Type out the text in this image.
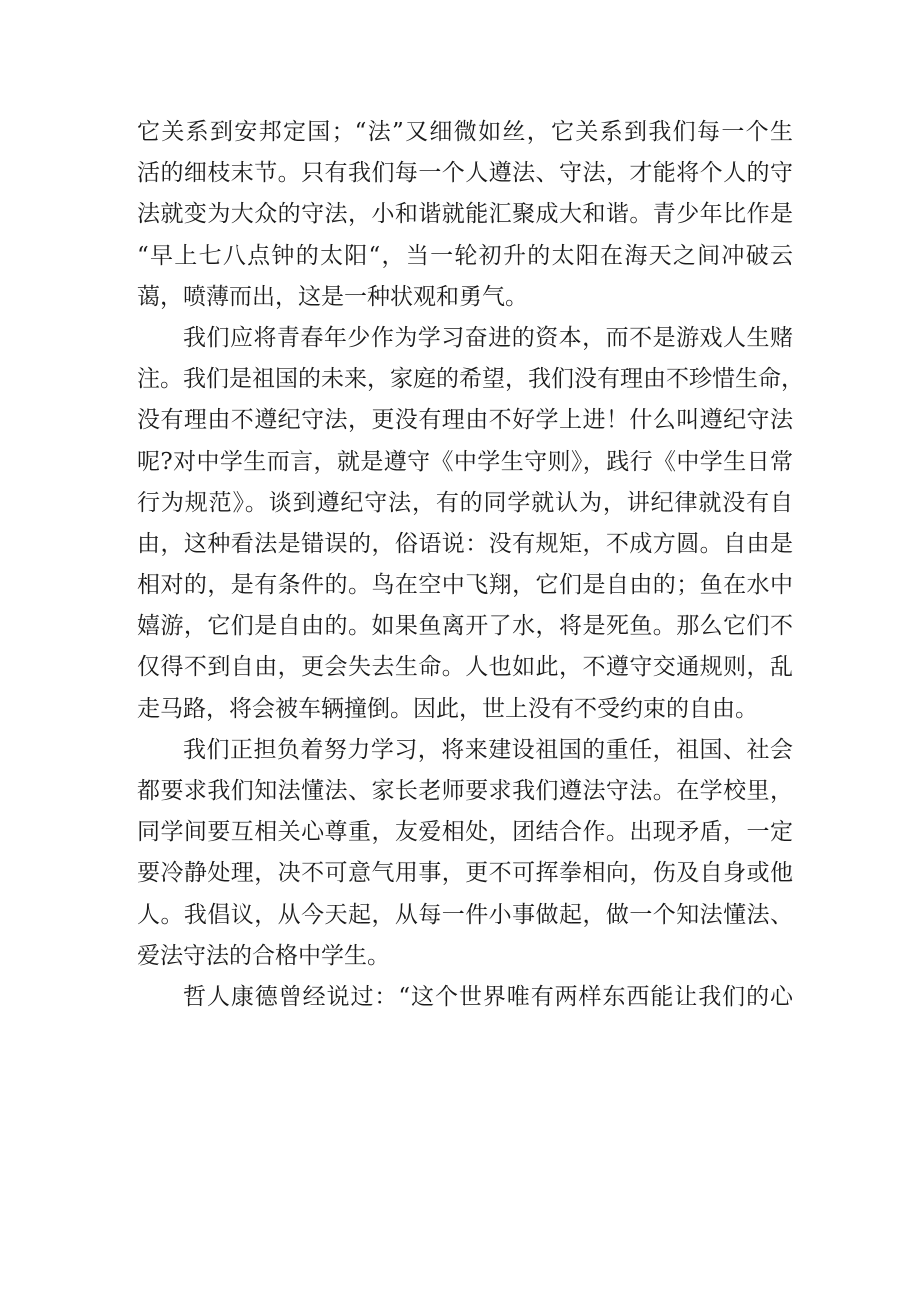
它关系到安邦定国；“法”又细微如丝，它关系到我们每一个生
活的细枝末节。只有我们每一个人遵法、守法，才能将个人的守
法就变为大众的守法，小和谐就能汇聚成大和谐。青少年比作是
“早上七八点钟的太阳“，当一轮初升的太阳在海天之间冲破云
蔼，喷薄而出，这是一种状观和勇气。
我们应将青春年少作为学习奋进的资本，而不是游戏人生赌
注。我们是祖国的未来，家庭的希望，我们没有理由不珍惜生命，
没有理由不遵纪守法，更没有理由不好学上进！什么叫遵纪守法
呢?对中学生而言，就是遵守《中学生守则》，践行《中学生日常
行为规范》。谈到遵纪守法，有的同学就认为，讲纪律就没有自
由，这种看法是错误的，俗语说：没有规矩，不成方圆。自由是
相对的，是有条件的。鸟在空中飞翔，它们是自由的；鱼在水中
嬉游，它们是自由的。如果鱼离开了水，将是死鱼。那么它们不
仅得不到自由，更会失去生命。人也如此，不遵守交通规则，乱
走马路，将会被车辆撞倒。因此，世上没有不受约束的自由。
我们正担负着努力学习，将来建设祖国的重任，祖国、社会
都要求我们知法懂法、家长老师要求我们遵法守法。在学校里，
同学间要互相关心尊重，友爱相处，团结合作。出现矛盾，一定
要冷静处理，决不可意气用事，更不可挥拳相向，伤及自身或他
人。我倡议，从今天起，从每一件小事做起，做一个知法懂法、
爱法守法的合格中学生。
哲人康德曾经说过：“这个世界唯有两样东西能让我们的心
